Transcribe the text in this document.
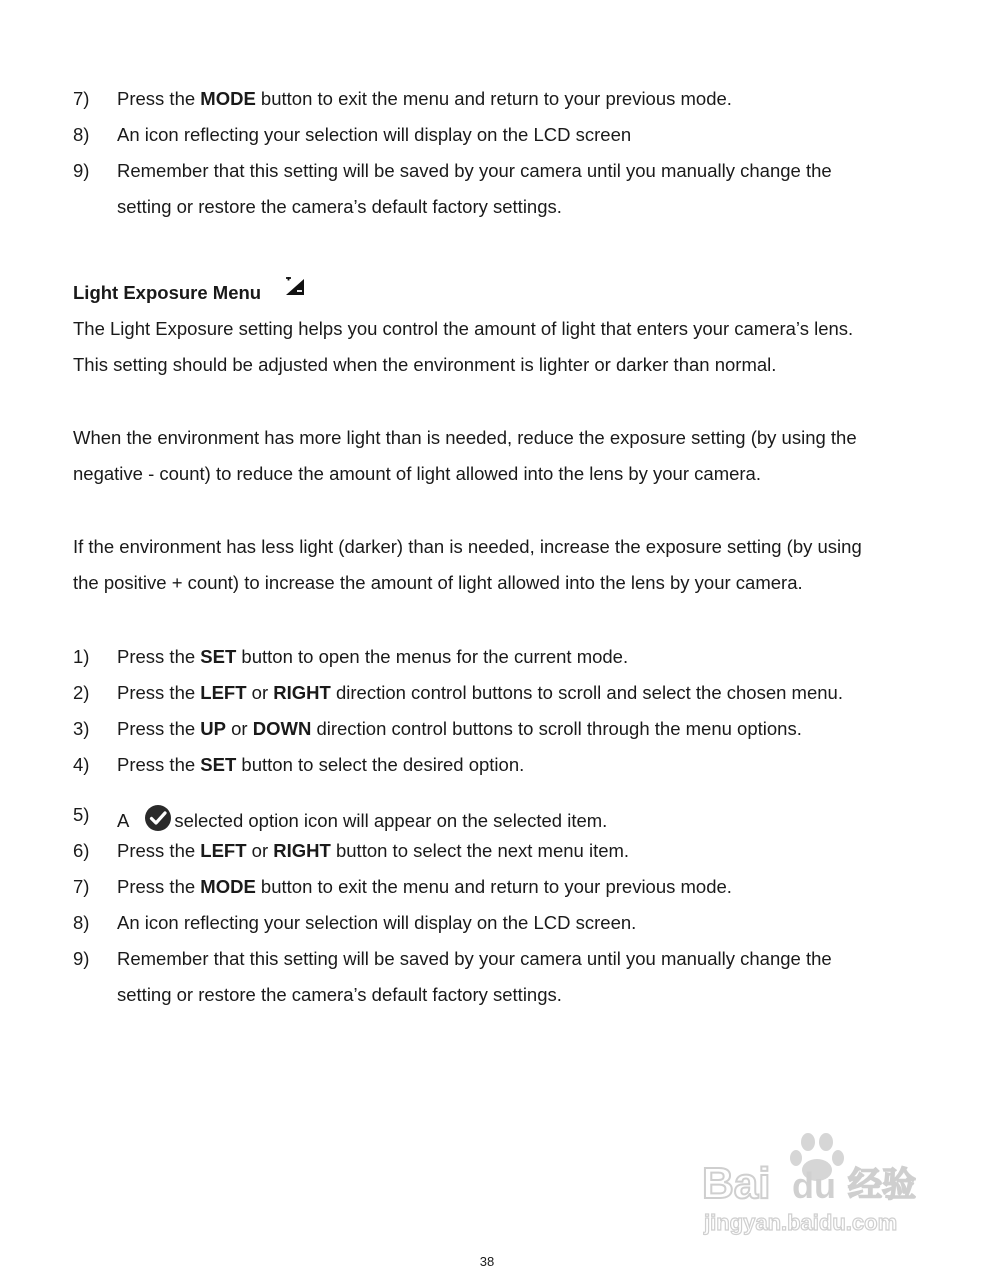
7) Press the MODE button to exit the menu and return to your previous mode.
8) An icon reflecting your selection will display on the LCD screen
9) Remember that this setting will be saved by your camera until you manually change the
setting or restore the camera’s default factory settings.
Light Exposure Menu
The Light Exposure setting helps you control the amount of light that enters your camera’s lens.
This setting should be adjusted when the environment is lighter or darker than normal.
When the environment has more light than is needed, reduce the exposure setting (by using the
negative - count) to reduce the amount of light allowed into the lens by your camera.
If the environment has less light (darker) than is needed, increase the exposure setting (by using
the positive + count) to increase the amount of light allowed into the lens by your camera.
1) Press the SET button to open the menus for the current mode.
2) Press the LEFT or RIGHT direction control buttons to scroll and select the chosen menu.
3) Press the UP or DOWN direction control buttons to scroll through the menu options.
4) Press the SET button to select the desired option.
5) A selected option icon will appear on the selected item.
6) Press the LEFT or RIGHT button to select the next menu item.
7) Press the MODE button to exit the menu and return to your previous mode.
8) An icon reflecting your selection will display on the LCD screen.
9) Remember that this setting will be saved by your camera until you manually change the
setting or restore the camera’s default factory settings.
Bai du 经验
jingyan.baidu.com
38
